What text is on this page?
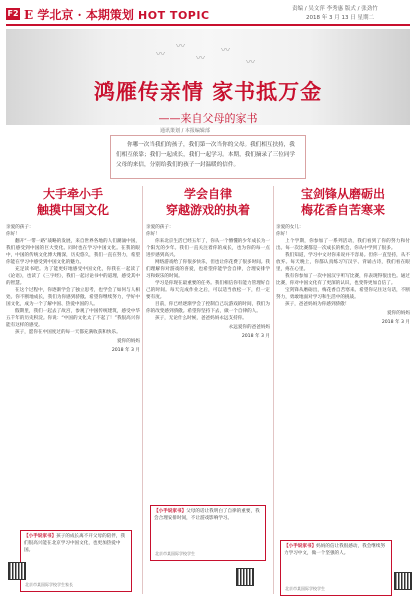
F2 E 学北京 · 本期策划 HOT TOPIC	责编 / 吴文萍 李秀惠 版式 / 张劲竹
2018 年 3 月 13 日 星期二
〰
〰
〰
〰
〰
鸿雁传亲情 家书抵万金
——来自父母的家书
通讯策划 / 本报编辑部

你哪一次当我们的孩子，我们第一次当你的父母。我们相互扶持，我们相互依靠；我们一起成长，我们一起学习。本期，我们摘录了三位同学父母的来信，分别给我们的孩子一封温暖的信件。

大手牵小手
触摸中国文化

亲爱的孩子：

你好！

翻开“一带一路”战略的发展，来自世界各地的人们潮涌中国，我们感受到中国的巨大变化。同时也在学习中国文化。在我的眼中，中国的传统文化博大精深，历史悠久，我们一直在努力，希望你能在学习中感受到中国文化的魅力。

充足读书吧。为了能更好地感受中国文化，你我在一起读了《论语》，也读了《三字经》，我们一起讨论书中的道理，感受其中的智慧。

在这个过程中，你逐渐学会了独立思考，也学会了如何与人相处。你不断地成长，我们为你感到骄傲。希望你继续努力，学好中国文化，成为一个了解中国、热爱中国的人。

假期里，我们一起去了故宫，参观了中国传统建筑，感受中华五千年的历史积淀。你说：“中国的文化太了不起了！”我很高兴你能有这样的感受。

孩子，愿你在中国度过的每一天都充满收获和快乐。

爱你的妈妈
2018 年 3 月

【小手说家书】孩子的成长离不开父母的陪伴，我们很高兴能在北京学习中国文化，也更加热爱中国。

北京市某国际学校学生家长
学会自律
穿越游戏的执着

亲爱的孩子：

你好！

你来北京生活已经五年了，你从一个懵懂的少年成长为一个阳光的少年。我们一直关注着你的成长，也为你的每一点进步感到高兴。

网络游戏给了你很多快乐，但也让你花费了很多时间。我们理解你对游戏的喜爱，也希望你能学会自律，合理安排学习和娱乐的时间。

学习是你现在最重要的任务。我们相信你有能力管理好自己的时间。每天完成作业之后，可以适当放松一下，但一定要有度。

目前，你已经逐渐学会了控制自己玩游戏的时间，我们为你的改变感到骄傲。希望你坚持下去，做一个自律的人。

孩子，无论什么时候，爸爸妈妈永远支持你。

永远爱你的爸爸妈妈
2018 年 3 月

【小手说家书】父母的话让我明白了自律的重要，我会合理安排时间，不让游戏影响学习。

北京市某国际学校学生
宝剑锋从磨砺出
梅花香自苦寒来

亲爱的女儿：

你好！

上个学期，你参加了一系列活动，我们看到了你的努力和付出。每一次比赛都是一次成长的机会，你从中学到了很多。

我们知道，学习中文对你来说并不容易。但你一直坚持，从不放弃。每天晚上，你都认真练习写汉字、背诵古诗，我们看在眼里，疼在心里。

我有你参加了一次中国汉字听写比赛，你表现得很出色。通过比赛，你对中国文化有了更深的认识，也变得更加自信了。

宝剑锋从磨砺出，梅花香自苦寒来。希望你记住这句话，不断努力，勇敢地面对学习和生活中的挑战。

孩子，爸爸妈妈为你感到骄傲！

爱你的妈妈
2018 年 3 月

【小手说家书】妈妈的信让我很感动，我会继续努力学习中文，做一个坚强的人。

北京市某国际学校学生
